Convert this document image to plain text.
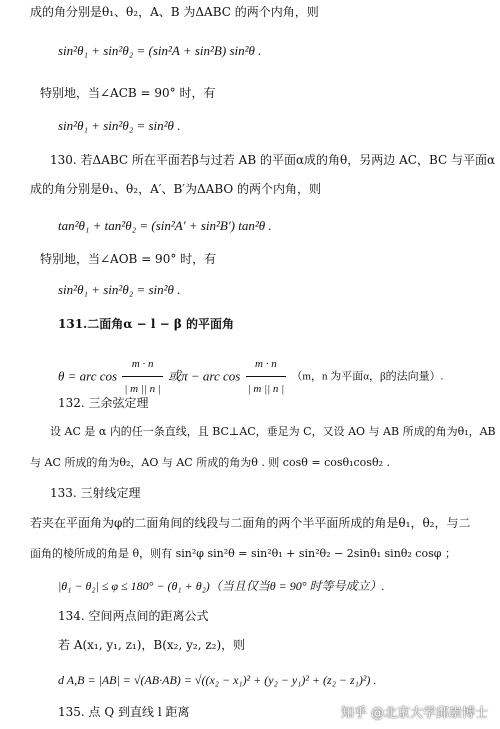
成的角分别是θ₁、θ₂，A、B 为ΔABC 的两个内角，则
sin²θ₁ + sin²θ₂ = (sin²A + sin²B) sin²θ .
特别地，当∠ACB = 90° 时，有
sin²θ₁ + sin²θ₂ = sin²θ .
130. 若ΔABC 所在平面若β与过若 AB 的平面α成的角θ，另两边 AC，BC 与平面α
成的角分别是θ₁、θ₂，A′、B′为ΔABO 的两个内角，则
tan²θ₁ + tan²θ₂ = (sin²A′ + sin²B′) tan²θ .
特别地，当∠AOB = 90° 时，有
sin²θ₁ + sin²θ₂ = sin²θ .
131.二面角α − l − β 的平面角
θ = arc $\cos \frac{m \cdot n}{| m || n |}$ 或π − arc $\cos \frac{m \cdot n}{| m || n |} (m$，n 为平面α，β的法向量）.
132. 三余弦定理
设 AC 是 α 内的任一条直线，且 BC⊥AC，垂足为 C，又设 AO 与 AB 所成的角为θ₁，AB
与 AC 所成的角为θ₂，AO 与 AC 所成的角为θ . 则 cosθ = cosθ₁cosθ₂ .
133. 三射线定理
若夹在平面角为φ的二面角间的线段与二面角的两个半平面所成的角是θ₁，θ₂，与二
面角的棱所成的角是 θ，则有 sin²φ sin²θ = sin²θ₁ + sin²θ₂ − 2sinθ₁ sinθ₂ cosφ ；
|θ₁ − θ₂| ≤ φ ≤ 180° − (θ₁ + θ₂)（当且仅当θ = 90° 时等号成立）.
134. 空间两点间的距离公式
若 A(x₁, y₁, z₁)，B(x₂, y₂, z₂)，则
d A,B = |AB| = √(AB·AB) = √((x₂ − x₁)² + (y₂ − y₁)² + (z₂ − z₁)²) .
135. 点 Q 到直线 l 距离	知乎 @北京大学邱崇博士
